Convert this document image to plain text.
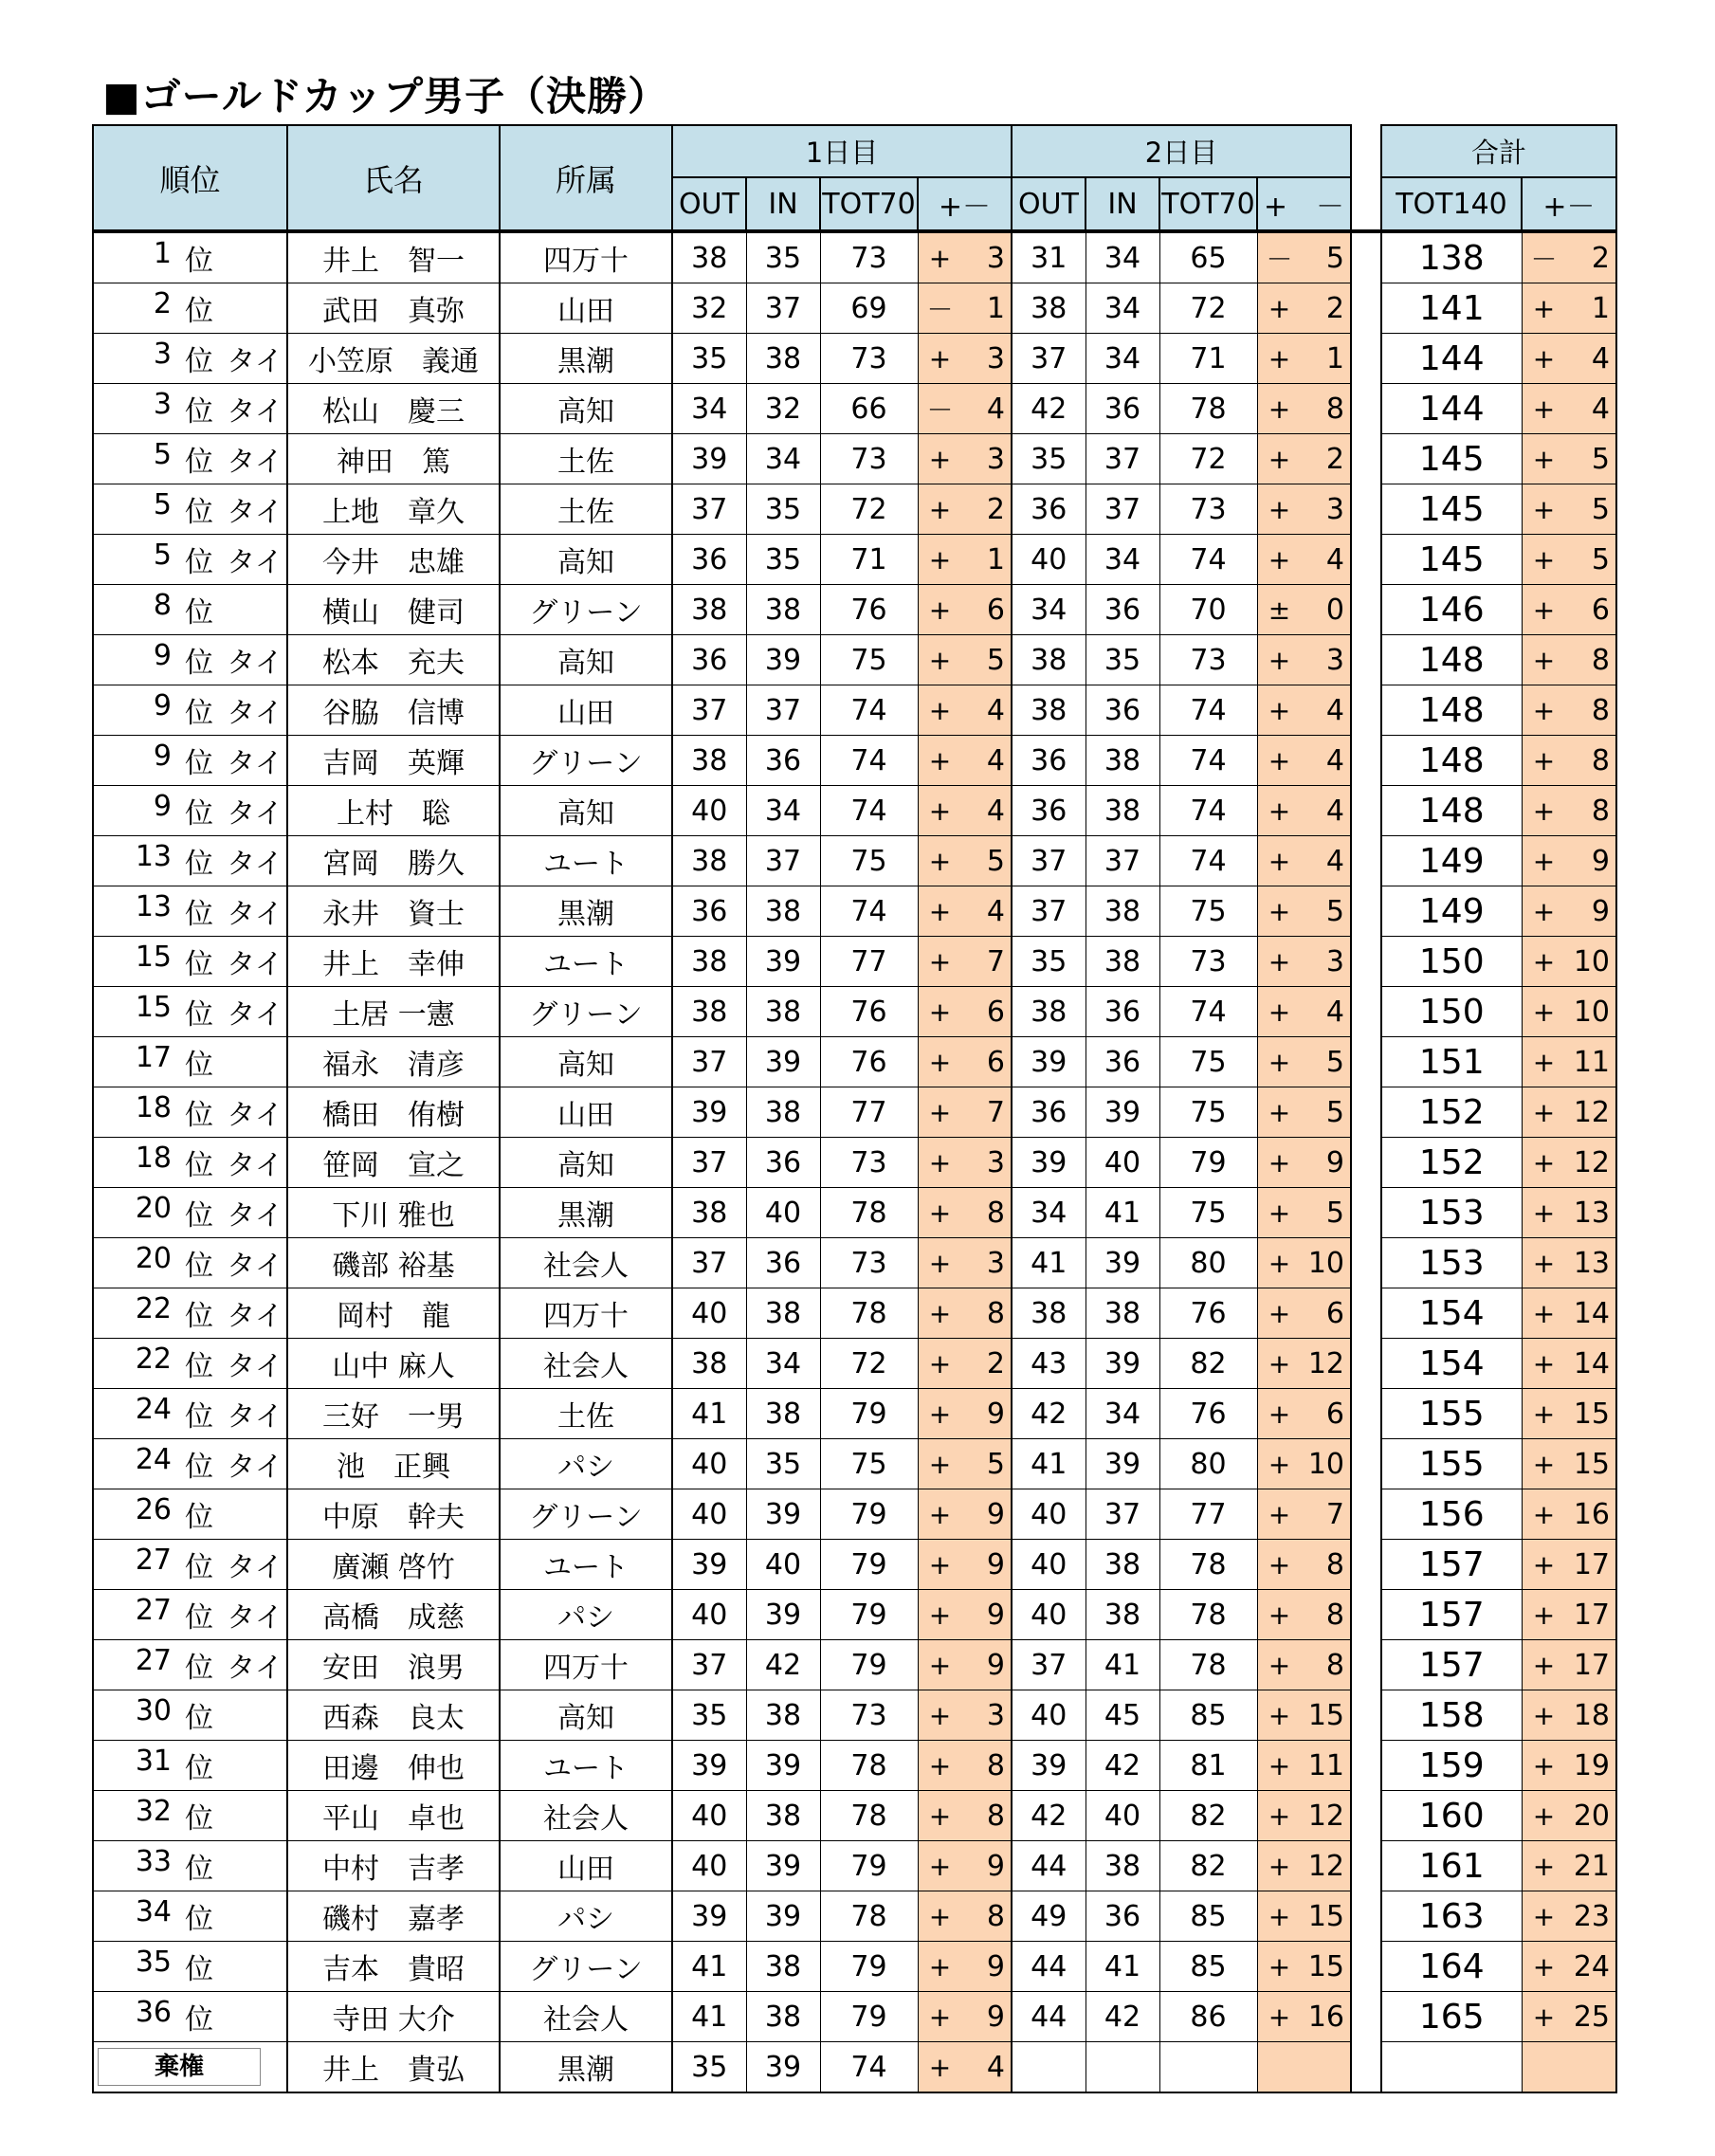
■ゴールドカップ男子（決勝）
順位	氏名	所属	1日目				2日目					合計	
			OUT	IN	TOT70	+－	OUT	IN	TOT70	+　－		TOT140	+－

1 位	井上　智一	四万十	38	35	73	+ 3	31	34	65	－ 5		138	－ 2

2 位	武田　真弥	山田	32	37	69	－ 1	38	34	72	+ 2		141	+ 1

3 位 タイ	小笠原　義通	黒潮	35	38	73	+ 3	37	34	71	+ 1		144	+ 4

3 位 タイ	松山　慶三	高知	34	32	66	－ 4	42	36	78	+ 8		144	+ 4

5 位 タイ	神田　篤	土佐	39	34	73	+ 3	35	37	72	+ 2		145	+ 5

5 位 タイ	上地　章久	土佐	37	35	72	+ 2	36	37	73	+ 3		145	+ 5

5 位 タイ	今井　忠雄	高知	36	35	71	+ 1	40	34	74	+ 4		145	+ 5

8 位	横山　健司	グリーン	38	38	76	+ 6	34	36	70	± 0		146	+ 6

9 位 タイ	松本　充夫	高知	36	39	75	+ 5	38	35	73	+ 3		148	+ 8

9 位 タイ	谷脇　信博	山田	37	37	74	+ 4	38	36	74	+ 4		148	+ 8

9 位 タイ	吉岡　英輝	グリーン	38	36	74	+ 4	36	38	74	+ 4		148	+ 8

9 位 タイ	上村　聡	高知	40	34	74	+ 4	36	38	74	+ 4		148	+ 8

13 位 タイ	宮岡　勝久	ユート	38	37	75	+ 5	37	37	74	+ 4		149	+ 9

13 位 タイ	永井　資士	黒潮	36	38	74	+ 4	37	38	75	+ 5		149	+ 9

15 位 タイ	井上　幸伸	ユート	38	39	77	+ 7	35	38	73	+ 3		150	+ 10

15 位 タイ	土居 一憲	グリーン	38	38	76	+ 6	38	36	74	+ 4		150	+ 10

17 位	福永　清彦	高知	37	39	76	+ 6	39	36	75	+ 5		151	+ 11

18 位 タイ	橋田　侑樹	山田	39	38	77	+ 7	36	39	75	+ 5		152	+ 12

18 位 タイ	笹岡　宣之	高知	37	36	73	+ 3	39	40	79	+ 9		152	+ 12

20 位 タイ	下川 雅也	黒潮	38	40	78	+ 8	34	41	75	+ 5		153	+ 13

20 位 タイ	磯部 裕基	社会人	37	36	73	+ 3	41	39	80	+ 10		153	+ 13

22 位 タイ	岡村　龍	四万十	40	38	78	+ 8	38	38	76	+ 6		154	+ 14

22 位 タイ	山中 麻人	社会人	38	34	72	+ 2	43	39	82	+ 12		154	+ 14

24 位 タイ	三好　一男	土佐	41	38	79	+ 9	42	34	76	+ 6		155	+ 15

24 位 タイ	池　正興	パシ	40	35	75	+ 5	41	39	80	+ 10		155	+ 15

26 位	中原　幹夫	グリーン	40	39	79	+ 9	40	37	77	+ 7		156	+ 16

27 位 タイ	廣瀬 啓竹	ユート	39	40	79	+ 9	40	38	78	+ 8		157	+ 17

27 位 タイ	高橋　成慈	パシ	40	39	79	+ 9	40	38	78	+ 8		157	+ 17

27 位 タイ	安田　浪男	四万十	37	42	79	+ 9	37	41	78	+ 8		157	+ 17

30 位	西森　良太	高知	35	38	73	+ 3	40	45	85	+ 15		158	+ 18

31 位	田邊　伸也	ユート	39	39	78	+ 8	39	42	81	+ 11		159	+ 19

32 位	平山　卓也	社会人	40	38	78	+ 8	42	40	82	+ 12		160	+ 20

33 位	中村　吉孝	山田	40	39	79	+ 9	44	38	82	+ 12		161	+ 21

34 位	磯村　嘉孝	パシ	39	39	78	+ 8	49	36	85	+ 15		163	+ 23

35 位	吉本　貴昭	グリーン	41	38	79	+ 9	44	41	85	+ 15		164	+ 24

36 位	寺田 大介	社会人	41	38	79	+ 9	44	42	86	+ 16		165	+ 25

棄権	井上　貴弘	黒潮	35	39	74	+ 4							
